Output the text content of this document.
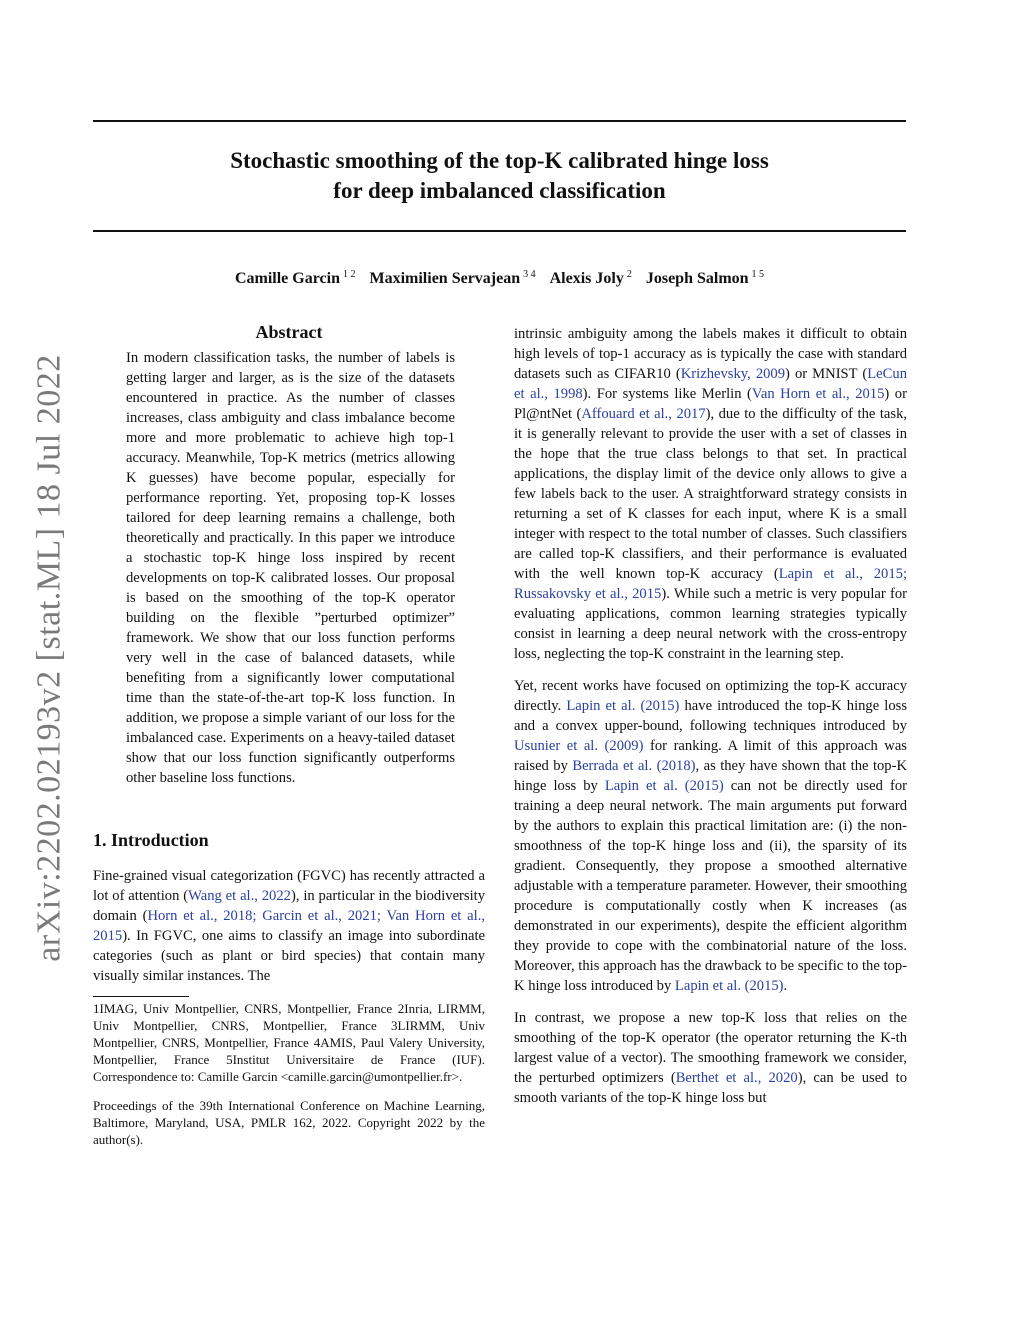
Stochastic smoothing of the top-K calibrated hinge loss
for deep imbalanced classification
Camille Garcin $^{1 2}$ Maximilien Servajean $^{3 4}$ Alexis Joly $^2$ Joseph Salmon $^{1 5}$
arXiv:2202.02193v2 [stat.ML] 18 Jul 2022
Abstract
In modern classification tasks, the number of labels is getting larger and larger, as is the size of the datasets encountered in practice. As the number of classes increases, class ambiguity and class imbalance become more and more problematic to achieve high top-1 accuracy. Meanwhile, Top-K metrics (metrics allowing K guesses) have become popular, especially for performance reporting. Yet, proposing top-K losses tailored for deep learning remains a challenge, both theoretically and practically. In this paper we introduce a stochastic top-K hinge loss inspired by recent developments on top-K calibrated losses. Our proposal is based on the smoothing of the top-K operator building on the flexible ”perturbed optimizer” framework. We show that our loss function performs very well in the case of balanced datasets, while benefiting from a significantly lower computational time than the state-of-the-art top-K loss function. In addition, we propose a simple variant of our loss for the imbalanced case. Experiments on a heavy-tailed dataset show that our loss function significantly outperforms other baseline loss functions.
1. Introduction

Fine-grained visual categorization (FGVC) has recently attracted a lot of attention (Wang et al., 2022), in particular in the biodiversity domain (Horn et al., 2018; Garcin et al., 2021; Van Horn et al., 2015). In FGVC, one aims to classify an image into subordinate categories (such as plant or bird species) that contain many visually similar instances. The

1IMAG, Univ Montpellier, CNRS, Montpellier, France 2Inria, LIRMM, Univ Montpellier, CNRS, Montpellier, France 3LIRMM, Univ Montpellier, CNRS, Montpellier, France 4AMIS, Paul Valery University, Montpellier, France 5Institut Universitaire de France (IUF). Correspondence to: Camille Garcin <camille.garcin@umontpellier.fr>.

Proceedings of the 39th International Conference on Machine Learning, Baltimore, Maryland, USA, PMLR 162, 2022. Copyright 2022 by the author(s).

intrinsic ambiguity among the labels makes it difficult to obtain high levels of top-1 accuracy as is typically the case with standard datasets such as CIFAR10 (Krizhevsky, 2009) or MNIST (LeCun et al., 1998). For systems like Merlin (Van Horn et al., 2015) or Pl@ntNet (Affouard et al., 2017), due to the difficulty of the task, it is generally relevant to provide the user with a set of classes in the hope that the true class belongs to that set. In practical applications, the display limit of the device only allows to give a few labels back to the user. A straightforward strategy consists in returning a set of K classes for each input, where K is a small integer with respect to the total number of classes. Such classifiers are called top-K classifiers, and their performance is evaluated with the well known top-K accuracy (Lapin et al., 2015; Russakovsky et al., 2015). While such a metric is very popular for evaluating applications, common learning strategies typically consist in learning a deep neural network with the cross-entropy loss, neglecting the top-K constraint in the learning step.

Yet, recent works have focused on optimizing the top-K accuracy directly. Lapin et al. (2015) have introduced the top-K hinge loss and a convex upper-bound, following techniques introduced by Usunier et al. (2009) for ranking. A limit of this approach was raised by Berrada et al. (2018), as they have shown that the top-K hinge loss by Lapin et al. (2015) can not be directly used for training a deep neural network. The main arguments put forward by the authors to explain this practical limitation are: (i) the non-smoothness of the top-K hinge loss and (ii), the sparsity of its gradient. Consequently, they propose a smoothed alternative adjustable with a temperature parameter. However, their smoothing procedure is computationally costly when K increases (as demonstrated in our experiments), despite the efficient algorithm they provide to cope with the combinatorial nature of the loss. Moreover, this approach has the drawback to be specific to the top-K hinge loss introduced by Lapin et al. (2015).

In contrast, we propose a new top-K loss that relies on the smoothing of the top-K operator (the operator returning the K-th largest value of a vector). The smoothing framework we consider, the perturbed optimizers (Berthet et al., 2020), can be used to smooth variants of the top-K hinge loss but
